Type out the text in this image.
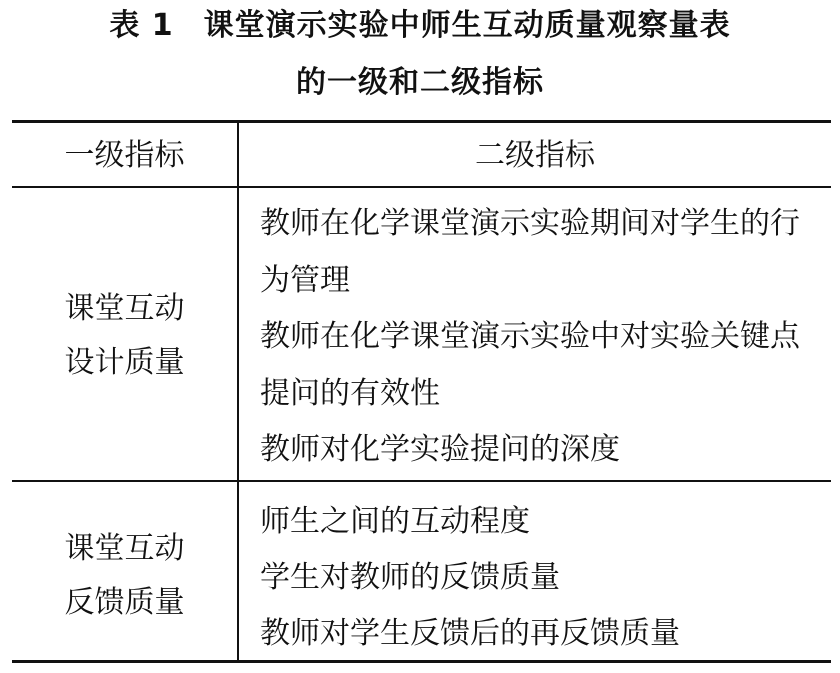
表 1 课堂演示实验中师生互动质量观察量表
的一级和二级指标
一级指标	二级指标
课堂互动
设计质量
教师在化学课堂演示实验期间对学生的行为管理
教师在化学课堂演示实验中对实验关键点提问的有效性
教师对化学实验提问的深度
课堂互动
反馈质量
师生之间的互动程度
学生对教师的反馈质量
教师对学生反馈后的再反馈质量
